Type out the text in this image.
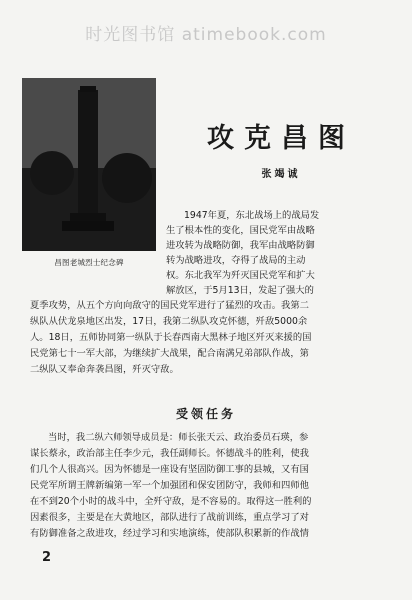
时光图书馆 atimebook.com
昌图老城烈士纪念碑
攻克昌图
张竭诚
1947年夏，东北战场上的战局发
生了根本性的变化，国民党军由战略
进攻转为战略防御，我军由战略防御
转为战略进攻，夺得了战局的主动
权。东北我军为歼灭国民党军和扩大
解放区，于5月13日，发起了强大的
夏季攻势，从五个方向向敌守的国民党军进行了猛烈的攻击。我第二
纵队从伏龙泉地区出发，17日，我第二纵队攻克怀德，歼敌5000余
人。18日，五师协同第一纵队于长春西南大黑林子地区歼灭来援的国
民党第七十一军大部，为继续扩大战果，配合南满兄弟部队作战，第
二纵队又奉命奔袭昌图，歼灭守敌。
受领任务
当时，我二纵六师领导成员是：师长张天云、政治委员石瑛，参
谋长蔡永，政治部主任李少元，我任副师长。怀德战斗的胜利，使我
们几个人很高兴。因为怀德是一座设有坚固防御工事的县城，又有国
民党军所谓王牌新编第一军一个加强团和保安团防守，我师和四师他
在不到20个小时的战斗中，全歼守敌，是不容易的。取得这一胜利的
因素很多，主要是在大黄地区，部队进行了战前训练，重点学习了对
有防御准备之敌进攻，经过学习和实地演练，使部队积累新的作战情
2
